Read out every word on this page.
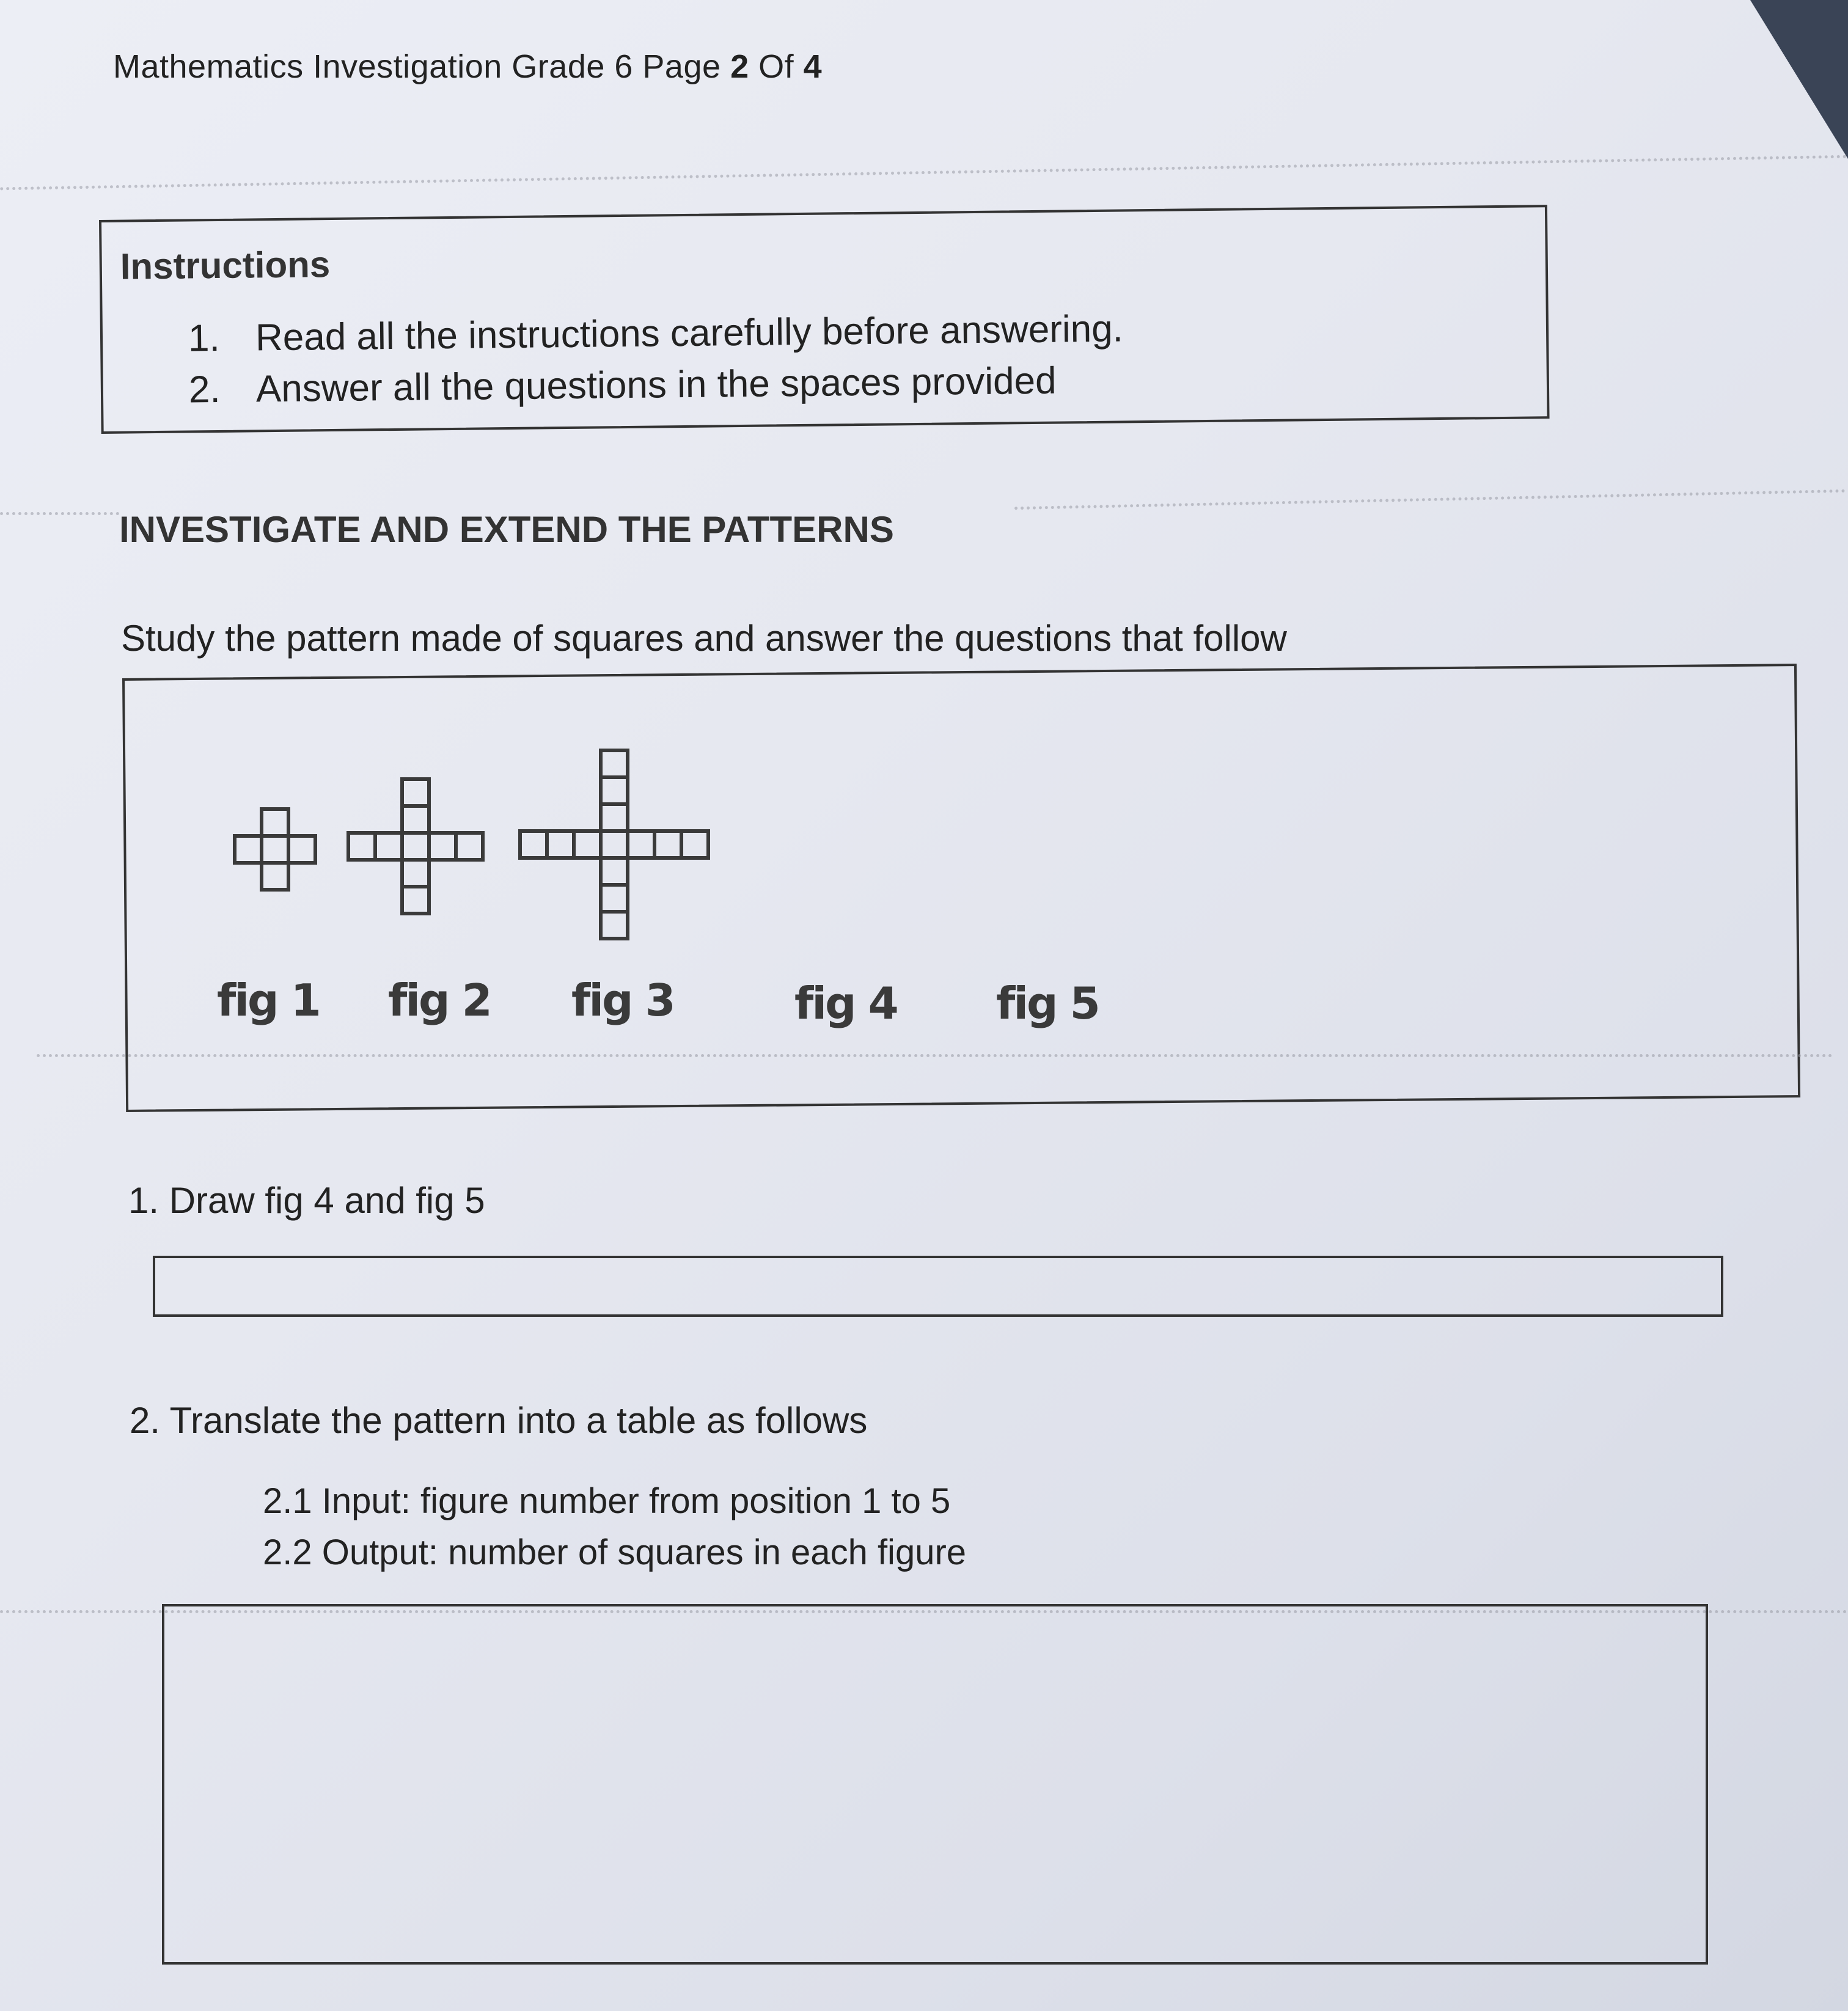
Mathematics Investigation Grade 6 Page 2 Of 4
Instructions
1. Read all the instructions carefully before answering.
2. Answer all the questions in the spaces provided
INVESTIGATE AND EXTEND THE PATTERNS
Study the pattern made of squares and answer the questions that follow
fig 1 fig 2 fig 3	fig 4 fig 5
1. Draw fig 4 and fig 5
2. Translate the pattern into a table as follows
2.1 Input: figure number from position 1 to 5
2.2 Output: number of squares in each figure
